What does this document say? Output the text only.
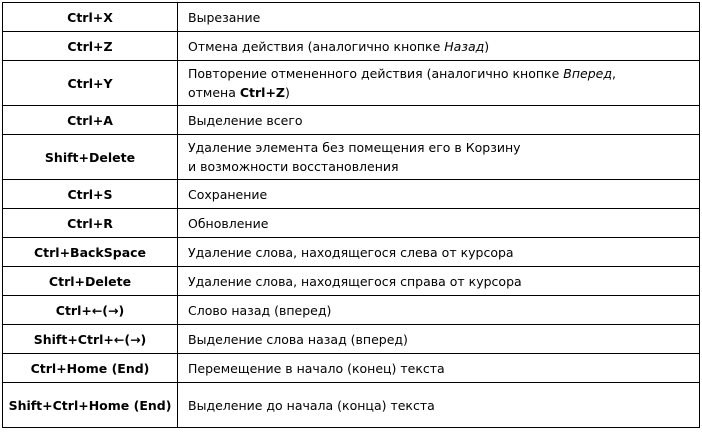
Ctrl+X	Вырезание
Ctrl+Z	Отмена действия (аналогично кнопке Назад)
Ctrl+Y	Повторение отмененного действия (аналогично кнопке Вперед,
отмена Ctrl+Z)
Ctrl+A	Выделение всего
Shift+Delete	Удаление элемента без помещения его в Корзину
и возможности восстановления
Ctrl+S	Сохранение
Ctrl+R	Обновление
Ctrl+BackSpace	Удаление слова, находящегося слева от курсора
Ctrl+Delete	Удаление слова, находящегося справа от курсора
Ctrl+←(→)	Слово назад (вперед)
Shift+Ctrl+←(→)	Выделение слова назад (вперед)
Ctrl+Home (End)	Перемещение в начало (конец) текста
Shift+Ctrl+Home (End)	Выделение до начала (конца) текста
